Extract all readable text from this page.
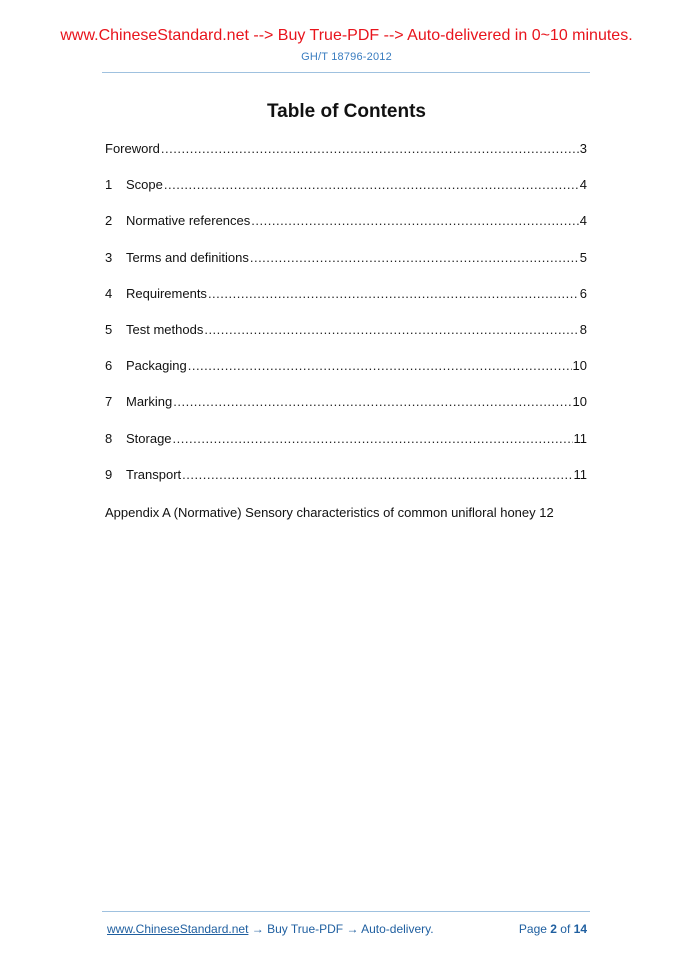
www.ChineseStandard.net --> Buy True-PDF --> Auto-delivered in 0~10 minutes.
GH/T 18796-2012
Table of Contents
Foreword .....	3
1	Scope .....	4
2	Normative references .....	4
3	Terms and definitions .....	5
4	Requirements .....	6
5	Test methods .....	8
6	Packaging .....	10
7	Marking .....	10
8	Storage .....	11
9	Transport .....	11
Appendix A (Normative) Sensory characteristics of common unifloral honey 12
www.ChineseStandard.net → Buy True-PDF → Auto-delivery.	Page 2 of 14
